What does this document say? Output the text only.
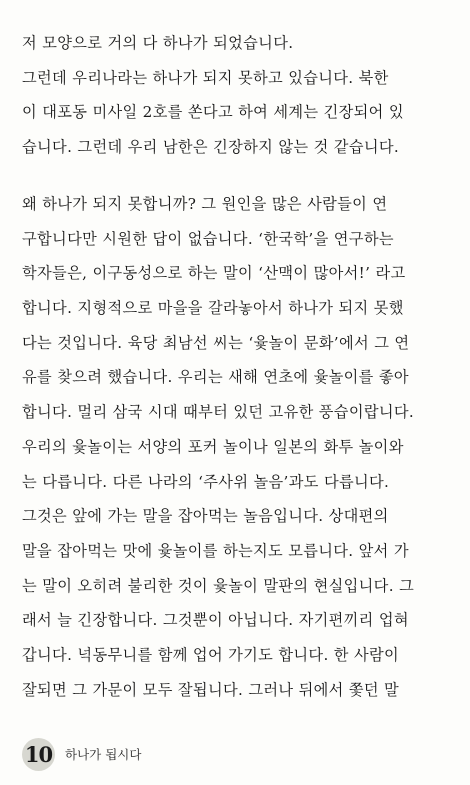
저 모양으로 거의 다 하나가 되었습니다.
그런데 우리나라는 하나가 되지 못하고 있습니다. 북한
이 대포동 미사일 2호를 쏜다고 하여 세계는 긴장되어 있
습니다. 그런데 우리 남한은 긴장하지 않는 것 같습니다.
왜 하나가 되지 못합니까? 그 원인을 많은 사람들이 연
구합니다만 시원한 답이 없습니다. ‘한국학’을 연구하는
학자들은, 이구동성으로 하는 말이 ‘산맥이 많아서!’ 라고
합니다. 지형적으로 마을을 갈라놓아서 하나가 되지 못했
다는 것입니다. 육당 최남선 씨는 ‘윷놀이 문화’에서 그 연
유를 찾으려 했습니다. 우리는 새해 연초에 윷놀이를 좋아
합니다. 멀리 삼국 시대 때부터 있던 고유한 풍습이랍니다.
우리의 윷놀이는 서양의 포커 놀이나 일본의 화투 놀이와
는 다릅니다. 다른 나라의 ‘주사위 놀음’과도 다릅니다.
그것은 앞에 가는 말을 잡아먹는 놀음입니다. 상대편의
말을 잡아먹는 맛에 윷놀이를 하는지도 모릅니다. 앞서 가
는 말이 오히려 불리한 것이 윷놀이 말판의 현실입니다. 그
래서 늘 긴장합니다. 그것뿐이 아닙니다. 자기편끼리 업혀
갑니다. 넉동무니를 함께 업어 가기도 합니다. 한 사람이
잘되면 그 가문이 모두 잘됩니다. 그러나 뒤에서 쫓던 말
10 하나가 됩시다
